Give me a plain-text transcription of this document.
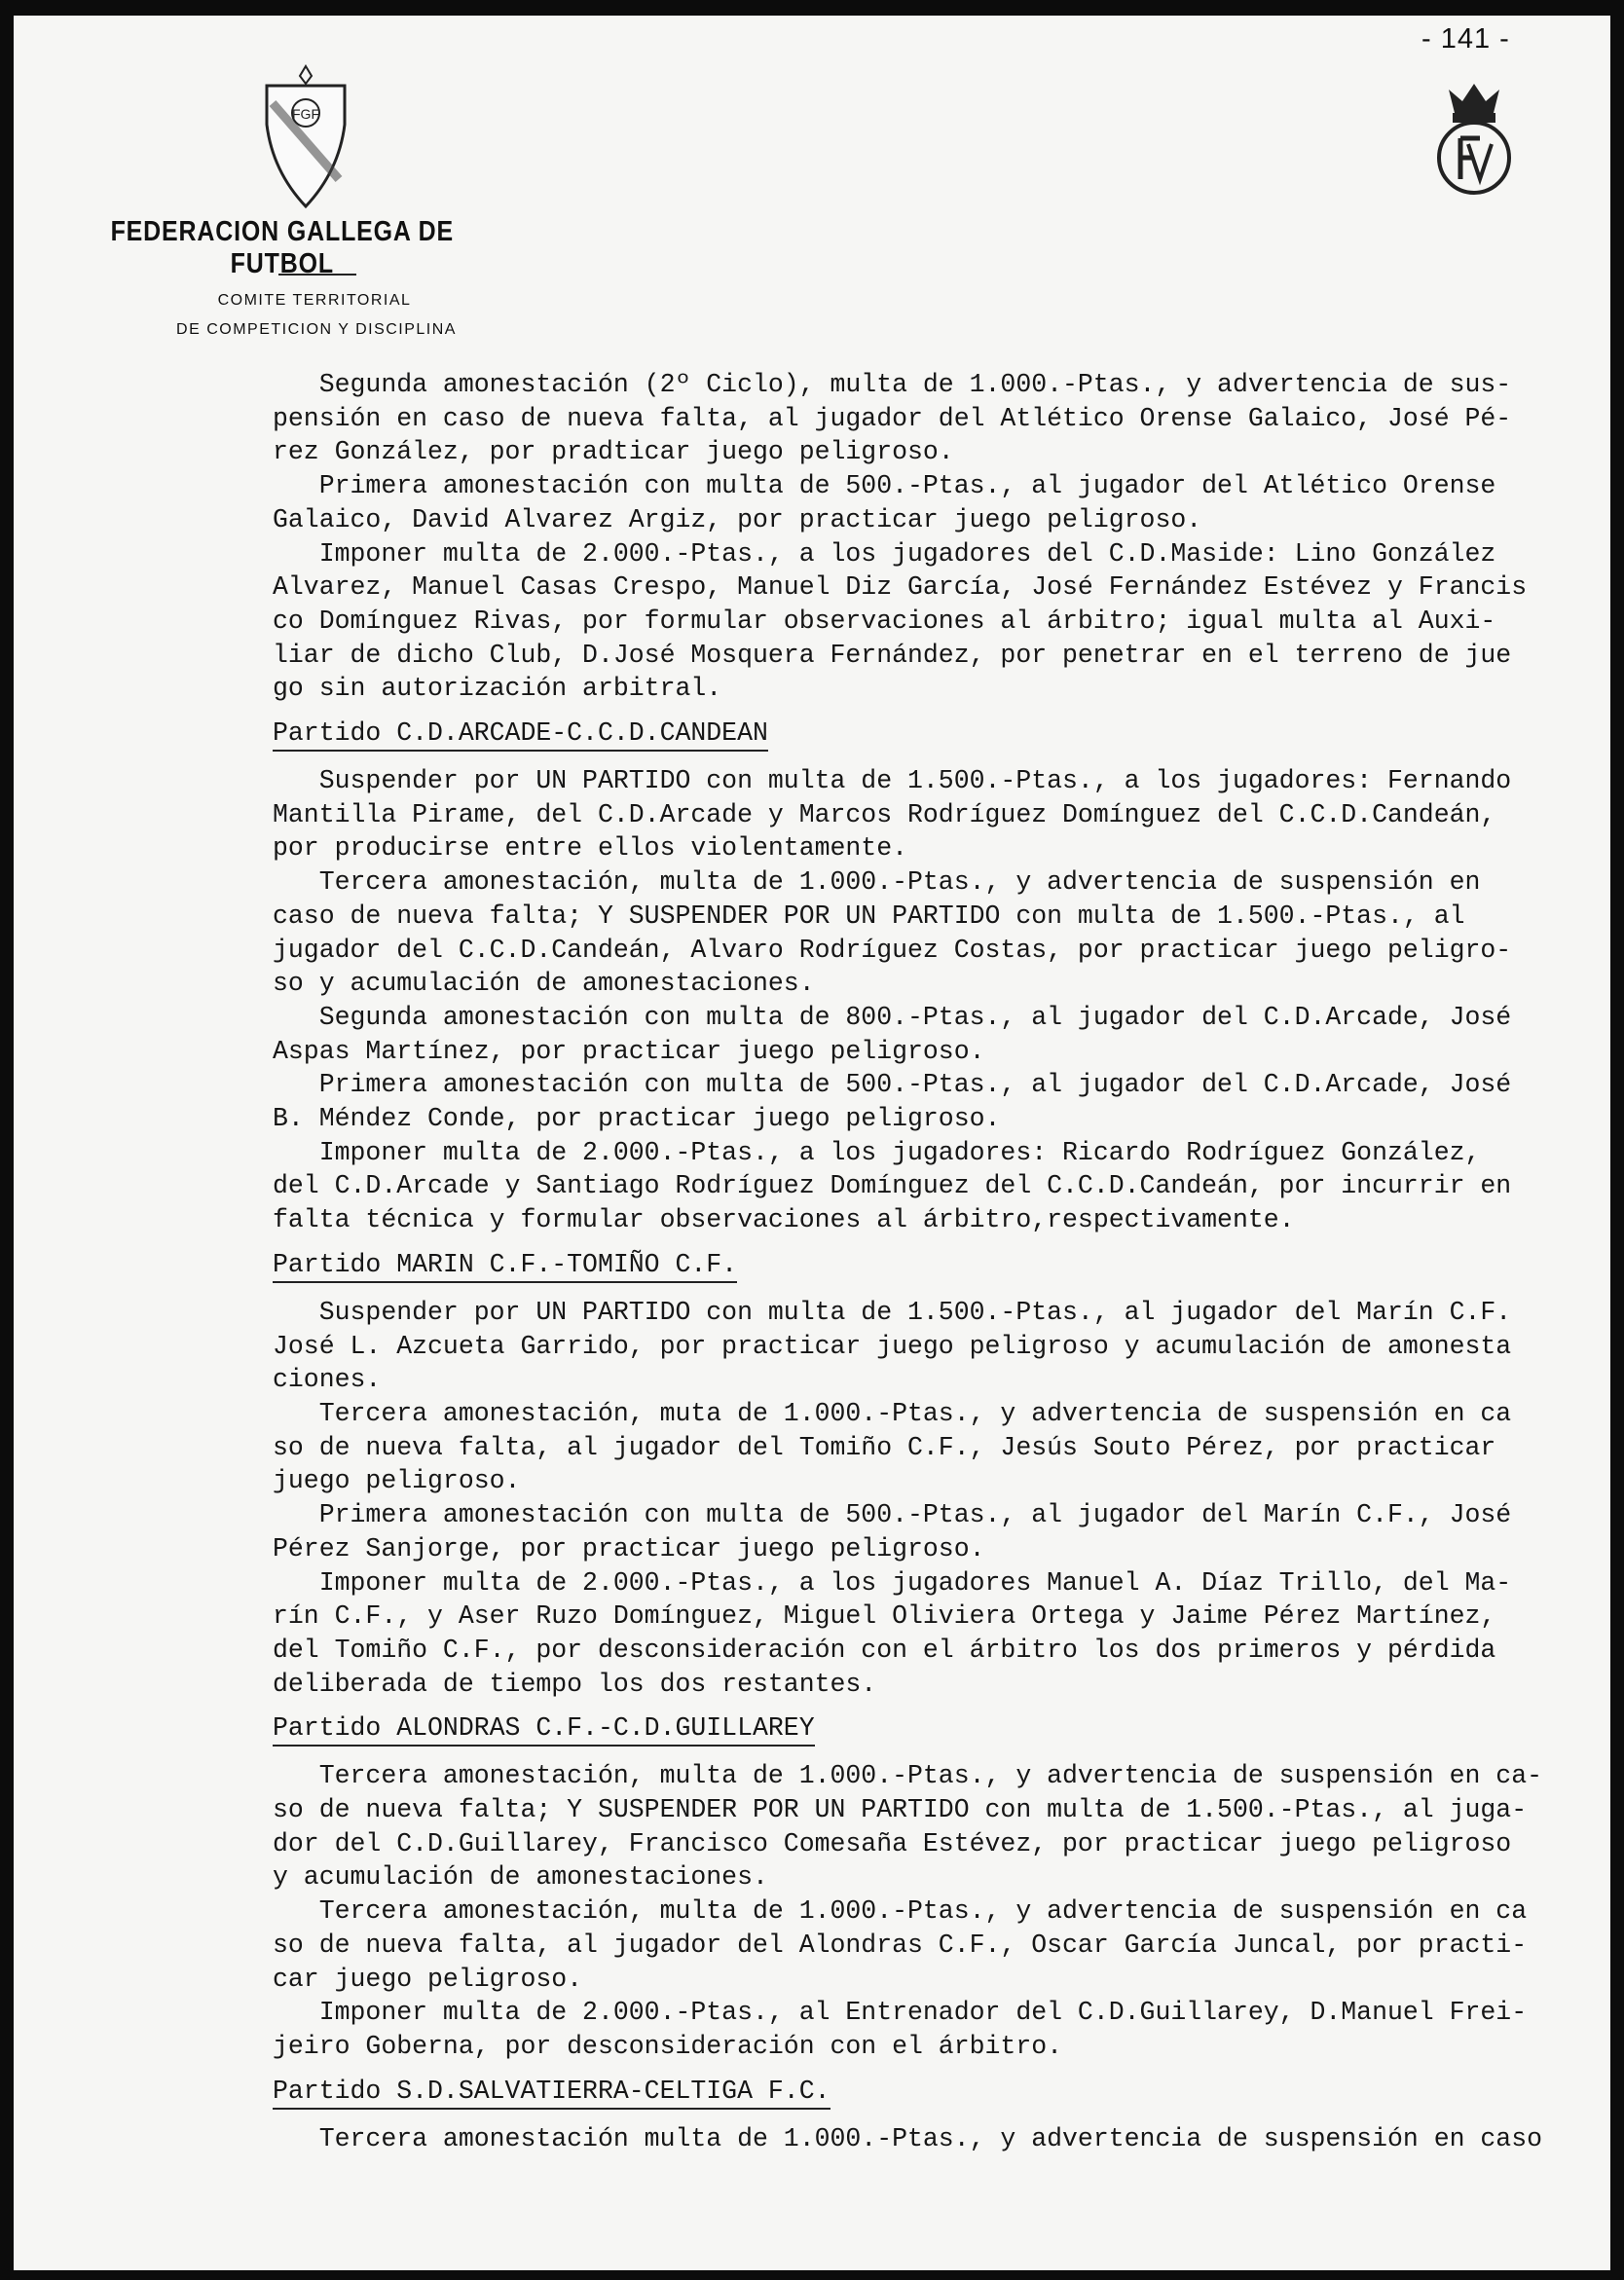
- 141 -
FGF
FEDERACION GALLEGA DE FUTBOL
COMITE TERRITORIAL
DE COMPETICION Y DISCIPLINA
Segunda amonestación (2º Ciclo), multa de 1.000.-Ptas., y advertencia de sus-
pensión en caso de nueva falta, al jugador del Atlético Orense Galaico, José Pé-
rez González, por pradticar juego peligroso.
Primera amonestación con multa de 500.-Ptas., al jugador del Atlético Orense
Galaico, David Alvarez Argiz, por practicar juego peligroso.
Imponer multa de 2.000.-Ptas., a los jugadores del C.D.Maside: Lino González
Alvarez, Manuel Casas Crespo, Manuel Diz García, José Fernández Estévez y Francis
co Domínguez Rivas, por formular observaciones al árbitro; igual multa al Auxi-
liar de dicho Club, D.José Mosquera Fernández, por penetrar en el terreno de jue
go sin autorización arbitral.
Partido C.D.ARCADE-C.C.D.CANDEAN
Suspender por UN PARTIDO con multa de 1.500.-Ptas., a los jugadores: Fernando
Mantilla Pirame, del C.D.Arcade y Marcos Rodríguez Domínguez del C.C.D.Candeán,
por producirse entre ellos violentamente.
Tercera amonestación, multa de 1.000.-Ptas., y advertencia de suspensión en
caso de nueva falta; Y SUSPENDER POR UN PARTIDO con multa de 1.500.-Ptas., al
jugador del C.C.D.Candeán, Alvaro Rodríguez Costas, por practicar juego peligro-
so y acumulación de amonestaciones.
Segunda amonestación con multa de 800.-Ptas., al jugador del C.D.Arcade, José
Aspas Martínez, por practicar juego peligroso.
Primera amonestación con multa de 500.-Ptas., al jugador del C.D.Arcade, José
B. Méndez Conde, por practicar juego peligroso.
Imponer multa de 2.000.-Ptas., a los jugadores: Ricardo Rodríguez González,
del C.D.Arcade y Santiago Rodríguez Domínguez del C.C.D.Candeán, por incurrir en
falta técnica y formular observaciones al árbitro,respectivamente.
Partido MARIN C.F.-TOMIÑO C.F.
Suspender por UN PARTIDO con multa de 1.500.-Ptas., al jugador del Marín C.F.
José L. Azcueta Garrido, por practicar juego peligroso y acumulación de amonesta
ciones.
Tercera amonestación, muta de 1.000.-Ptas., y advertencia de suspensión en ca
so de nueva falta, al jugador del Tomiño C.F., Jesús Souto Pérez, por practicar
juego peligroso.
Primera amonestación con multa de 500.-Ptas., al jugador del Marín C.F., José
Pérez Sanjorge, por practicar juego peligroso.
Imponer multa de 2.000.-Ptas., a los jugadores Manuel A. Díaz Trillo, del Ma-
rín C.F., y Aser Ruzo Domínguez, Miguel Oliviera Ortega y Jaime Pérez Martínez,
del Tomiño C.F., por desconsideración con el árbitro los dos primeros y pérdida
deliberada de tiempo los dos restantes.
Partido ALONDRAS C.F.-C.D.GUILLAREY
Tercera amonestación, multa de 1.000.-Ptas., y advertencia de suspensión en ca-
so de nueva falta; Y SUSPENDER POR UN PARTIDO con multa de 1.500.-Ptas., al juga-
dor del C.D.Guillarey, Francisco Comesaña Estévez, por practicar juego peligroso
y acumulación de amonestaciones.
Tercera amonestación, multa de 1.000.-Ptas., y advertencia de suspensión en ca
so de nueva falta, al jugador del Alondras C.F., Oscar García Juncal, por practi-
car juego peligroso.
Imponer multa de 2.000.-Ptas., al Entrenador del C.D.Guillarey, D.Manuel Frei-
jeiro Goberna, por desconsideración con el árbitro.
Partido S.D.SALVATIERRA-CELTIGA F.C.
Tercera amonestación multa de 1.000.-Ptas., y advertencia de suspensión en caso
